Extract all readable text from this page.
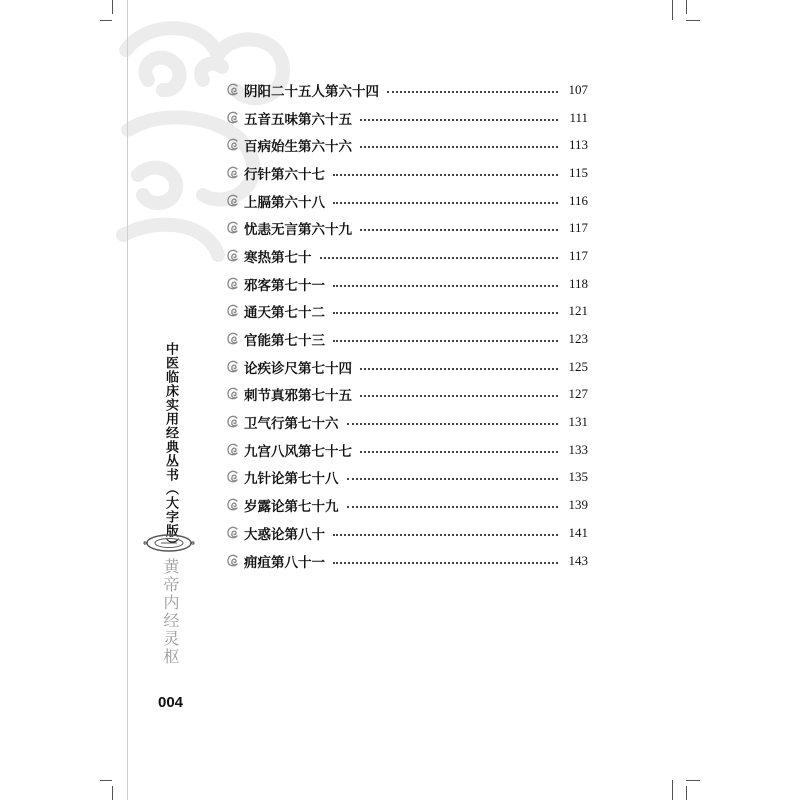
中医临床实用经典丛书（大字版）
黄帝内经灵枢
004
阴阳二十五人第六十四	107
五音五味第六十五	111
百病始生第六十六	113
行针第六十七	115
上膈第六十八	116
忧恚无言第六十九	117
寒热第七十	117
邪客第七十一	118
通天第七十二	121
官能第七十三	123
论疾诊尺第七十四	125
刺节真邪第七十五	127
卫气行第七十六	131
九宫八风第七十七	133
九针论第七十八	135
岁露论第七十九	139
大惑论第八十	141
痈疽第八十一	143
